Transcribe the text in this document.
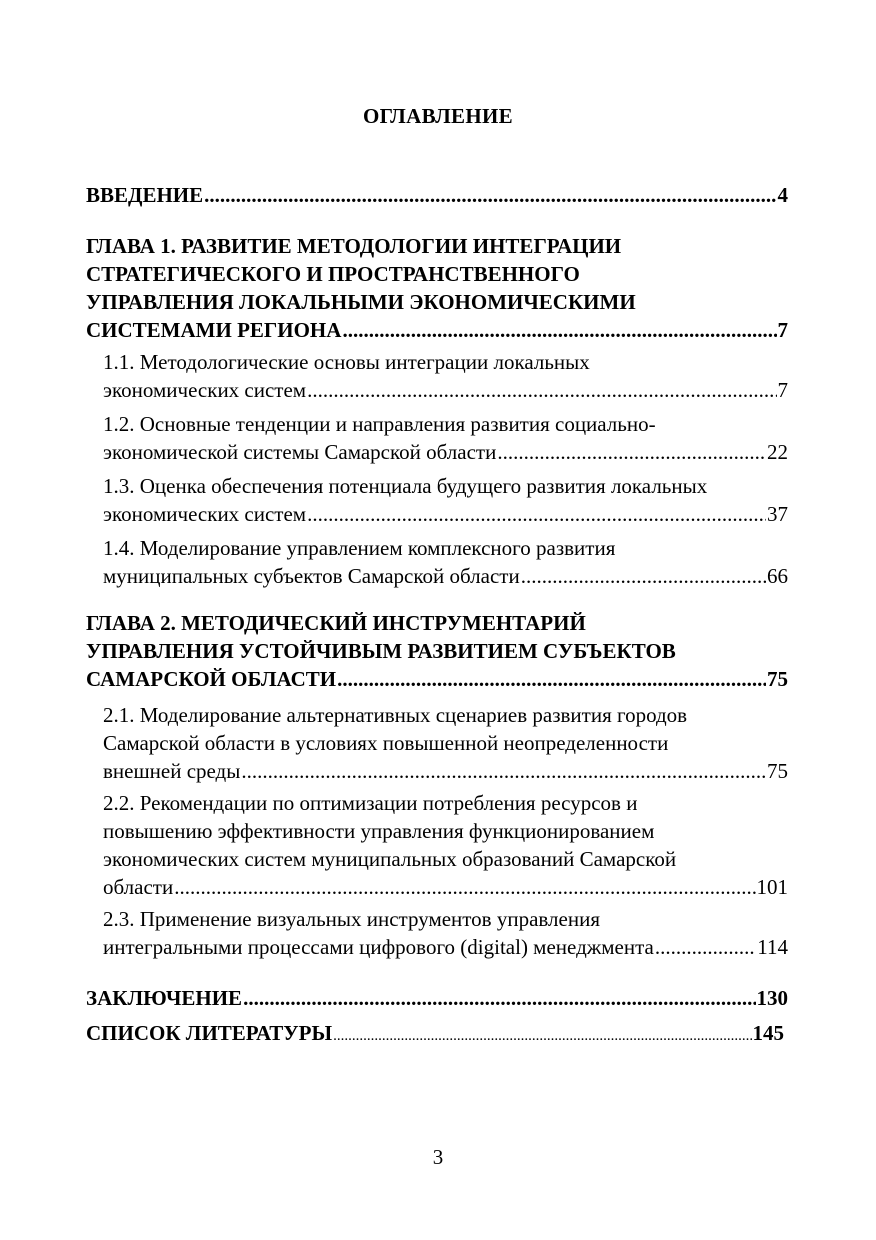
ОГЛАВЛЕНИЕ
ВВЕДЕНИЕ .....	4
ГЛАВА 1. РАЗВИТИЕ МЕТОДОЛОГИИ ИНТЕГРАЦИИ
СТРАТЕГИЧЕСКОГО И ПРОСТРАНСТВЕННОГО
УПРАВЛЕНИЯ ЛОКАЛЬНЫМИ ЭКОНОМИЧЕСКИМИ
СИСТЕМАМИ РЕГИОНА .....	7
1.1. Методологические основы интеграции локальных
экономических систем .....	7
1.2. Основные тенденции и направления развития социально-
экономической системы Самарской области .....	22
1.3. Оценка обеспечения потенциала будущего развития локальных
экономических систем .....	37
1.4. Моделирование управлением комплексного развития
муниципальных субъектов Самарской области .....	66
ГЛАВА 2. МЕТОДИЧЕСКИЙ ИНСТРУМЕНТАРИЙ
УПРАВЛЕНИЯ УСТОЙЧИВЫМ РАЗВИТИЕМ СУБЪЕКТОВ
САМАРСКОЙ ОБЛАСТИ .....	75
2.1. Моделирование альтернативных сценариев развития городов
Самарской области в условиях повышенной неопределенности
внешней среды .....	75
2.2. Рекомендации по оптимизации потребления ресурсов и
повышению эффективности управления функционированием
экономических систем муниципальных образований Самарской
области .....	101
2.3. Применение визуальных инструментов управления
интегральными процессами цифрового (digital) менеджмента .....	114
ЗАКЛЮЧЕНИЕ .....	130
СПИСОК ЛИТЕРАТУРЫ .....	145
3
